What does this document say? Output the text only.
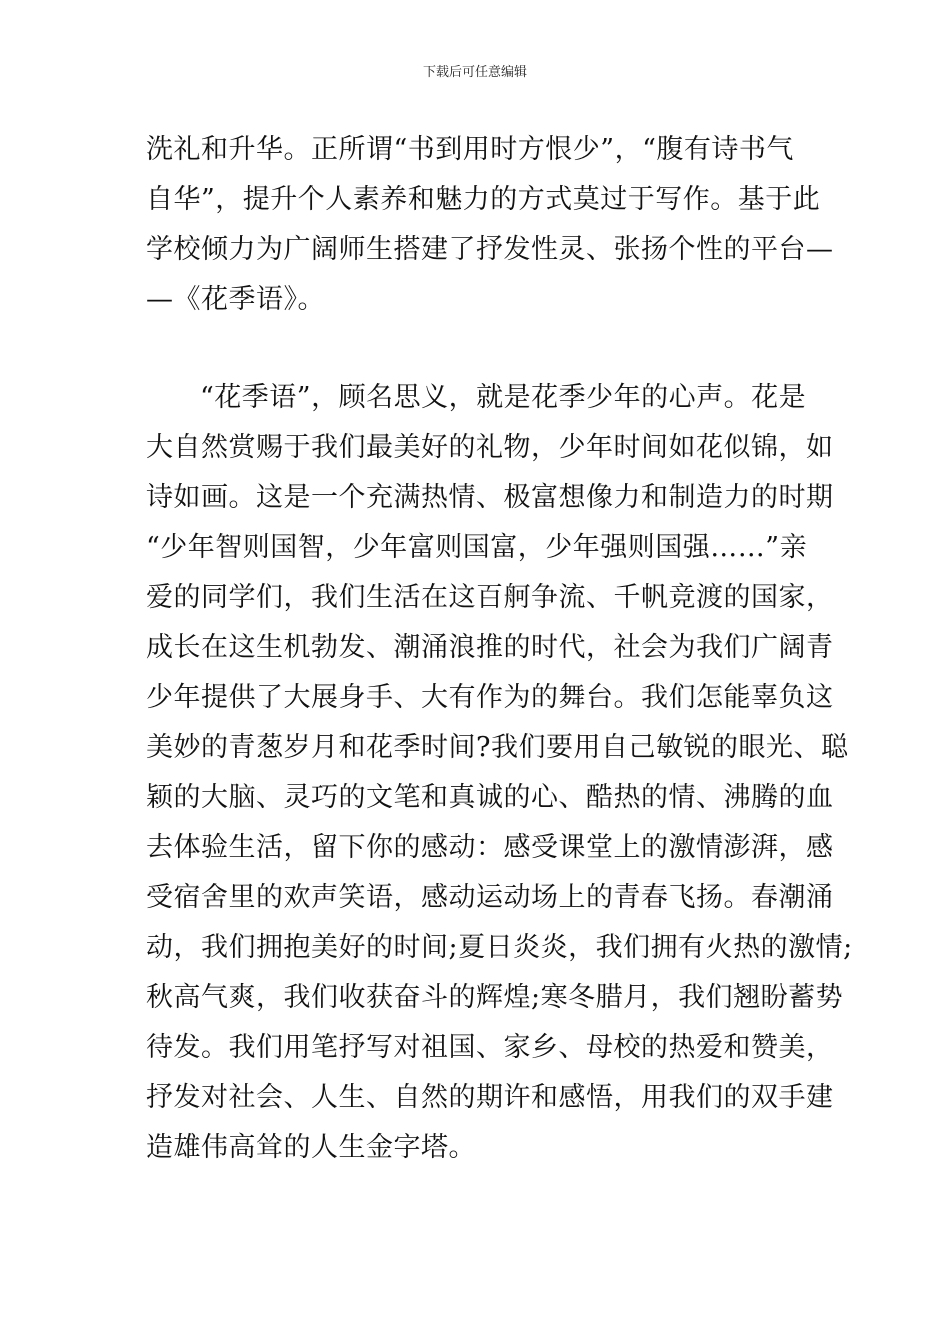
下载后可任意编辑
洗礼和升华。正所谓“书到用时方恨少”，“腹有诗书气
自华”，提升个人素养和魅力的方式莫过于写作。基于此
学校倾力为广阔师生搭建了抒发性灵、张扬个性的平台—
—《花季语》。
“花季语”，顾名思义，就是花季少年的心声。花是
大自然赏赐于我们最美好的礼物，少年时间如花似锦，如
诗如画。这是一个充满热情、极富想像力和制造力的时期
“少年智则国智，少年富则国富，少年强则国强……”亲
爱的同学们，我们生活在这百舸争流、千帆竞渡的国家，
成长在这生机勃发、潮涌浪推的时代，社会为我们广阔青
少年提供了大展身手、大有作为的舞台。我们怎能辜负这
美妙的青葱岁月和花季时间?我们要用自己敏锐的眼光、聪
颖的大脑、灵巧的文笔和真诚的心、酷热的情、沸腾的血
去体验生活，留下你的感动：感受课堂上的激情澎湃，感
受宿舍里的欢声笑语，感动运动场上的青春飞扬。春潮涌
动，我们拥抱美好的时间;夏日炎炎，我们拥有火热的激情;
秋高气爽，我们收获奋斗的辉煌;寒冬腊月，我们翘盼蓄势
待发。我们用笔抒写对祖国、家乡、母校的热爱和赞美，
抒发对社会、人生、自然的期许和感悟，用我们的双手建
造雄伟高耸的人生金字塔。
